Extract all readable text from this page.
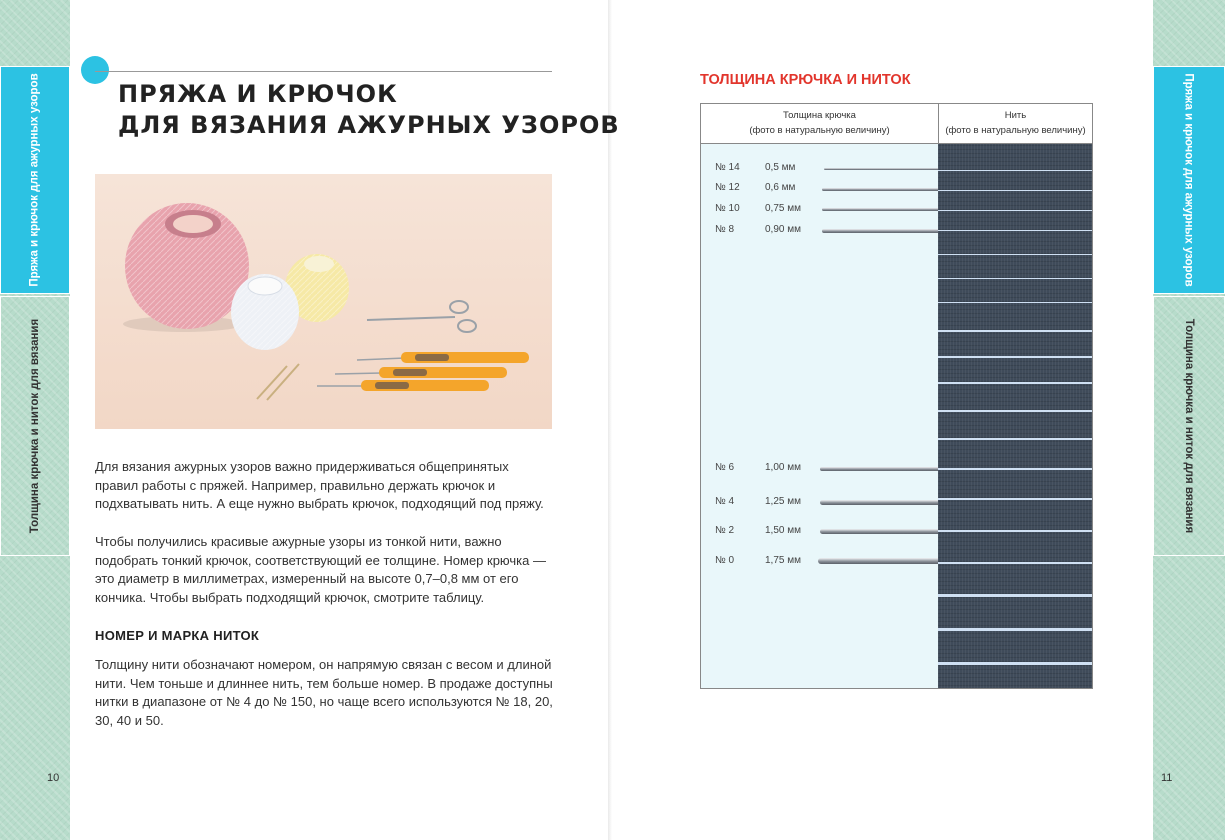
Пряжа и крючок для ажурных узоров
Толщина крючка и ниток для вязания
10
Пряжа и крючок для ажурных узоров
Толщина крючка и ниток для вязания
11
ПРЯЖА И КРЮЧОК
ДЛЯ ВЯЗАНИЯ АЖУРНЫХ УЗОРОВ

Для вязания ажурных узоров важно придерживаться общепринятых правил работы с пряжей. Например, правильно держать крючок и подхватывать нить. А еще нужно выбрать крючок, подходящий под пряжу.

Чтобы получились красивые ажурные узоры из тонкой нити, важно подобрать тонкий крючок, соответствующий ее толщине. Номер крючка — это диаметр в миллиметрах, измеренный на высоте 0,7–0,8 мм от его кончика. Чтобы выбрать подходящий крючок, смотрите таблицу.

НОМЕР И МАРКА НИТОК

Толщину нити обозначают номером, он напрямую связан с весом и длиной нити. Чем тоньше и длиннее нить, тем больше номер. В продаже доступны нитки в диапазоне от № 4 до № 150, но чаще всего используются № 18, 20, 30, 40 и 50.

ТОЛЩИНА КРЮЧКА И НИТОК
Толщина крючка
(фото в натуральную величину)
Нить
(фото в натуральную величину)
№ 14	0,5 мм
№ 12	0,6 мм
№ 10	0,75 мм
№ 8	0,90 мм
№ 6	1,00 мм
№ 4	1,25 мм
№ 2	1,50 мм
№ 0	1,75 мм
